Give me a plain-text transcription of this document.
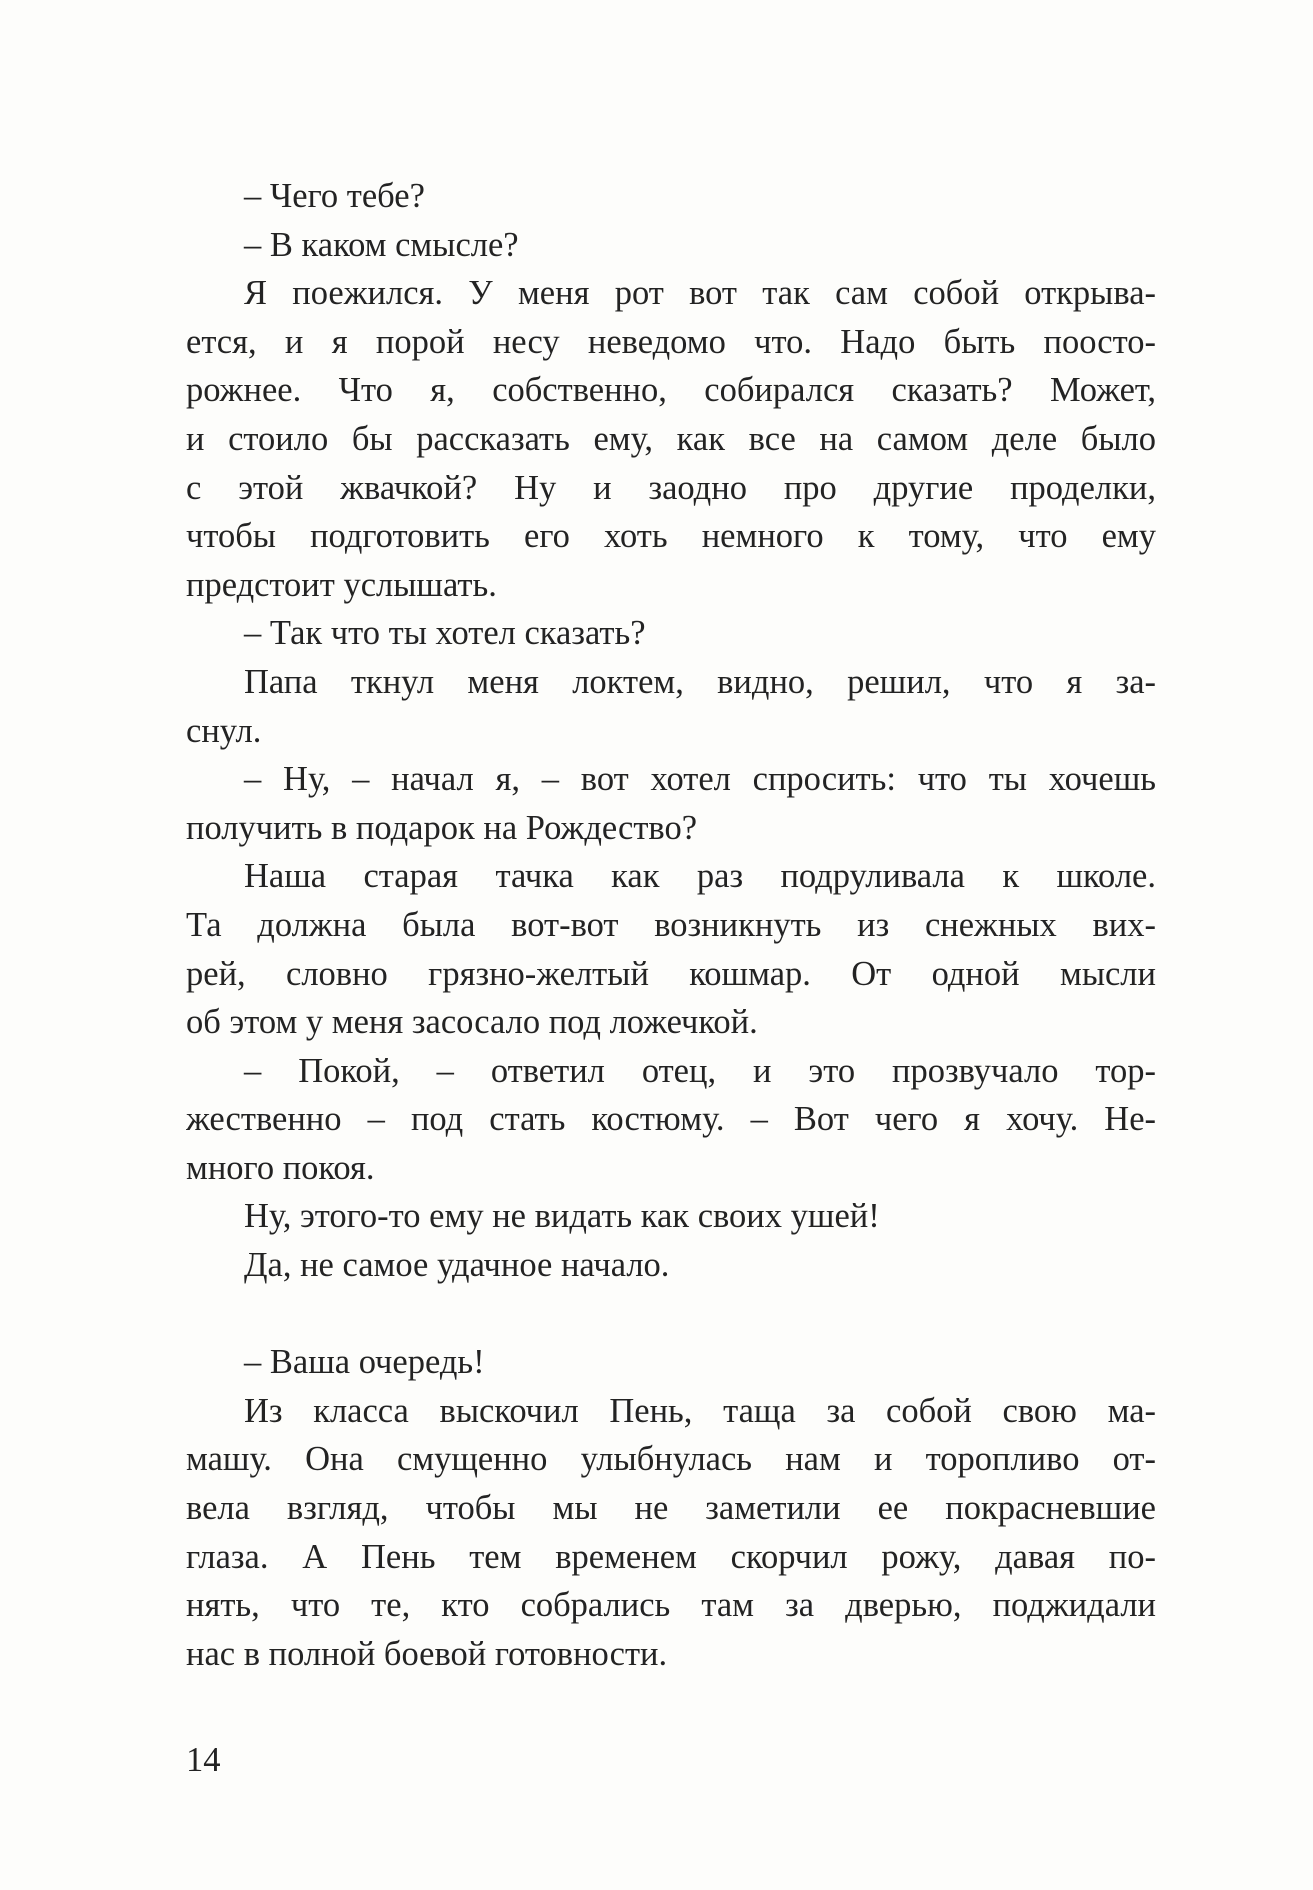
– Чего тебе?
– В каком смысле?
Я поежился. У меня рот вот так сам собой открыва-
ется, и я порой несу неведомо что. Надо быть поосто-
рожнее. Что я, собственно, собирался сказать? Может,
и стоило бы рассказать ему, как все на самом деле было
с этой жвачкой? Ну и заодно про другие проделки,
чтобы подготовить его хоть немного к тому, что ему
предстоит услышать.
– Так что ты хотел сказать?
Папа ткнул меня локтем, видно, решил, что я за-
снул.
– Ну, – начал я, – вот хотел спросить: что ты хочешь
получить в подарок на Рождество?
Наша старая тачка как раз подруливала к школе.
Та должна была вот-вот возникнуть из снежных вих-
рей, словно грязно-желтый кошмар. От одной мысли
об этом у меня засосало под ложечкой.
– Покой, – ответил отец, и это прозвучало тор-
жественно – под стать костюму. – Вот чего я хочу. Не-
много покоя.
Ну, этого-то ему не видать как своих ушей!
Да, не самое удачное начало.
– Ваша очередь!
Из класса выскочил Пень, таща за собой свою ма-
машу. Она смущенно улыбнулась нам и торопливо от-
вела взгляд, чтобы мы не заметили ее покрасневшие
глаза. А Пень тем временем скорчил рожу, давая по-
нять, что те, кто собрались там за дверью, поджидали
нас в полной боевой готовности.
14
